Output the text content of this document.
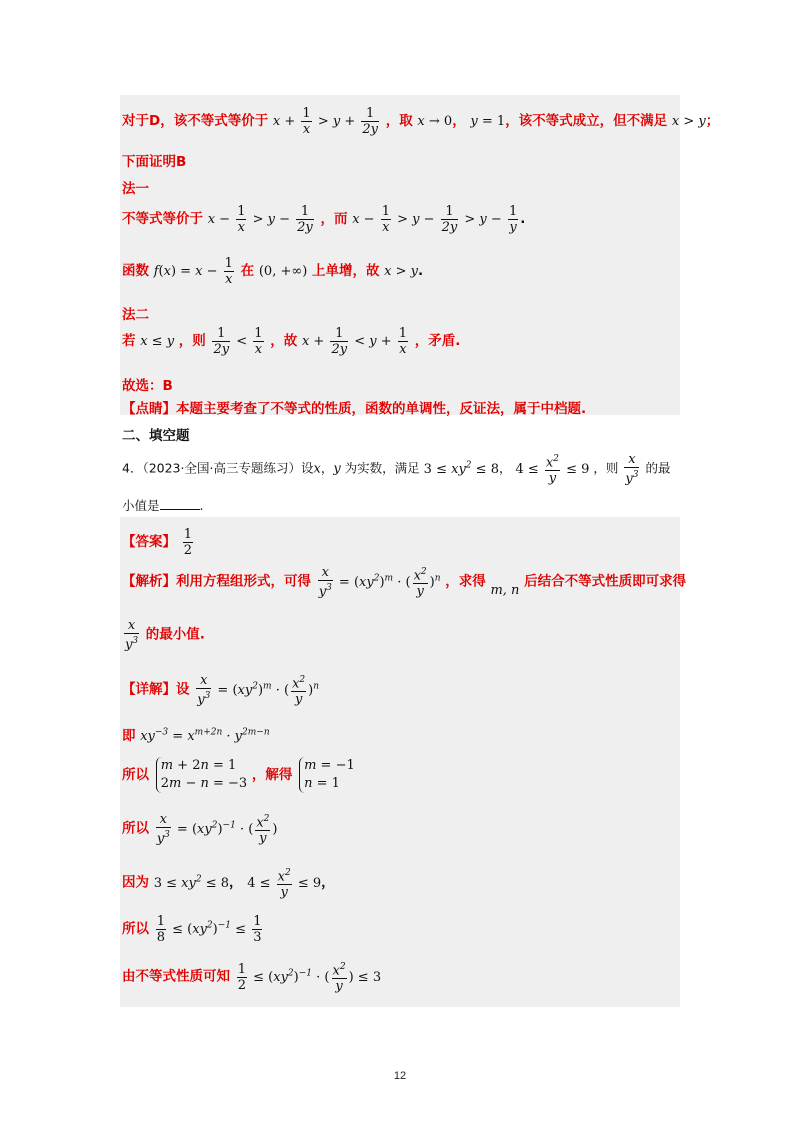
对于D，该不等式等价于 $x + \frac{1}{x} > y + \frac{1}{2y}$ ，取 x → 0， y = 1，该不等式成立，但不满足 x > y；
下面证明B
法一
不等式等价于 $x - \frac{1}{x} > y - \frac{1}{2y}$ ，而 $x - \frac{1}{x} > y - \frac{1}{2y} > y - \frac{1}{y}$ .
函数 $f(x) = x - \frac{1}{x}$ 在 (0, +∞) 上单增，故 x > y.
法二
若 x ≤ y ，则 $\frac{1}{2y} < \frac{1}{x}$ ，故 $x + \frac{1}{2y} < y + \frac{1}{x}$ ，矛盾.
故选：B
【点睛】本题主要考查了不等式的性质，函数的单调性，反证法，属于中档题.
二、填空题
4．（2023·全国·高三专题练习）设x，y 为实数，满足 $3 \le xy^2 \le 8$， $4 \le \frac{x^2}{y} \le 9$ ，则 $\frac{x}{y^3}$ 的最
小值是	.
【答案】 $\frac{1}{2}$
【解析】利用方程组形式，可得 $\frac{x}{y^3} = (xy^2)^m$ · ( $\frac{x^2}{y} )^n$ ，求得 m, n 后结合不等式性质即可求得
$\frac{x}{y^3}$ 的最小值.
【详解】设 $\frac{x}{y^3} = (xy^2)^m$ · ( $\frac{x^2}{y} )^n$
即 $xy^{-3} = x^{m+2n} \cdot y^{2m-n}$
所以
m + 2n = 1
2m − n = −3
，解得
m = −1
n = 1
所以 $\frac{x}{y^3} = (xy^2)^{-1}$ · ( $\frac{x^2}{y}$ )
因为 $3 \le xy^2 \le 8$， $4 \le \frac{x^2}{y} \le 9$，
所以 $\frac{1}{8} \le (xy^2)^{-1} \le \frac{1}{3}$
由不等式性质可知 $\frac{1}{2} \le (xy^2)^{-1}$ · ( $\frac{x^2}{y}$ ) ≤ 3
12
